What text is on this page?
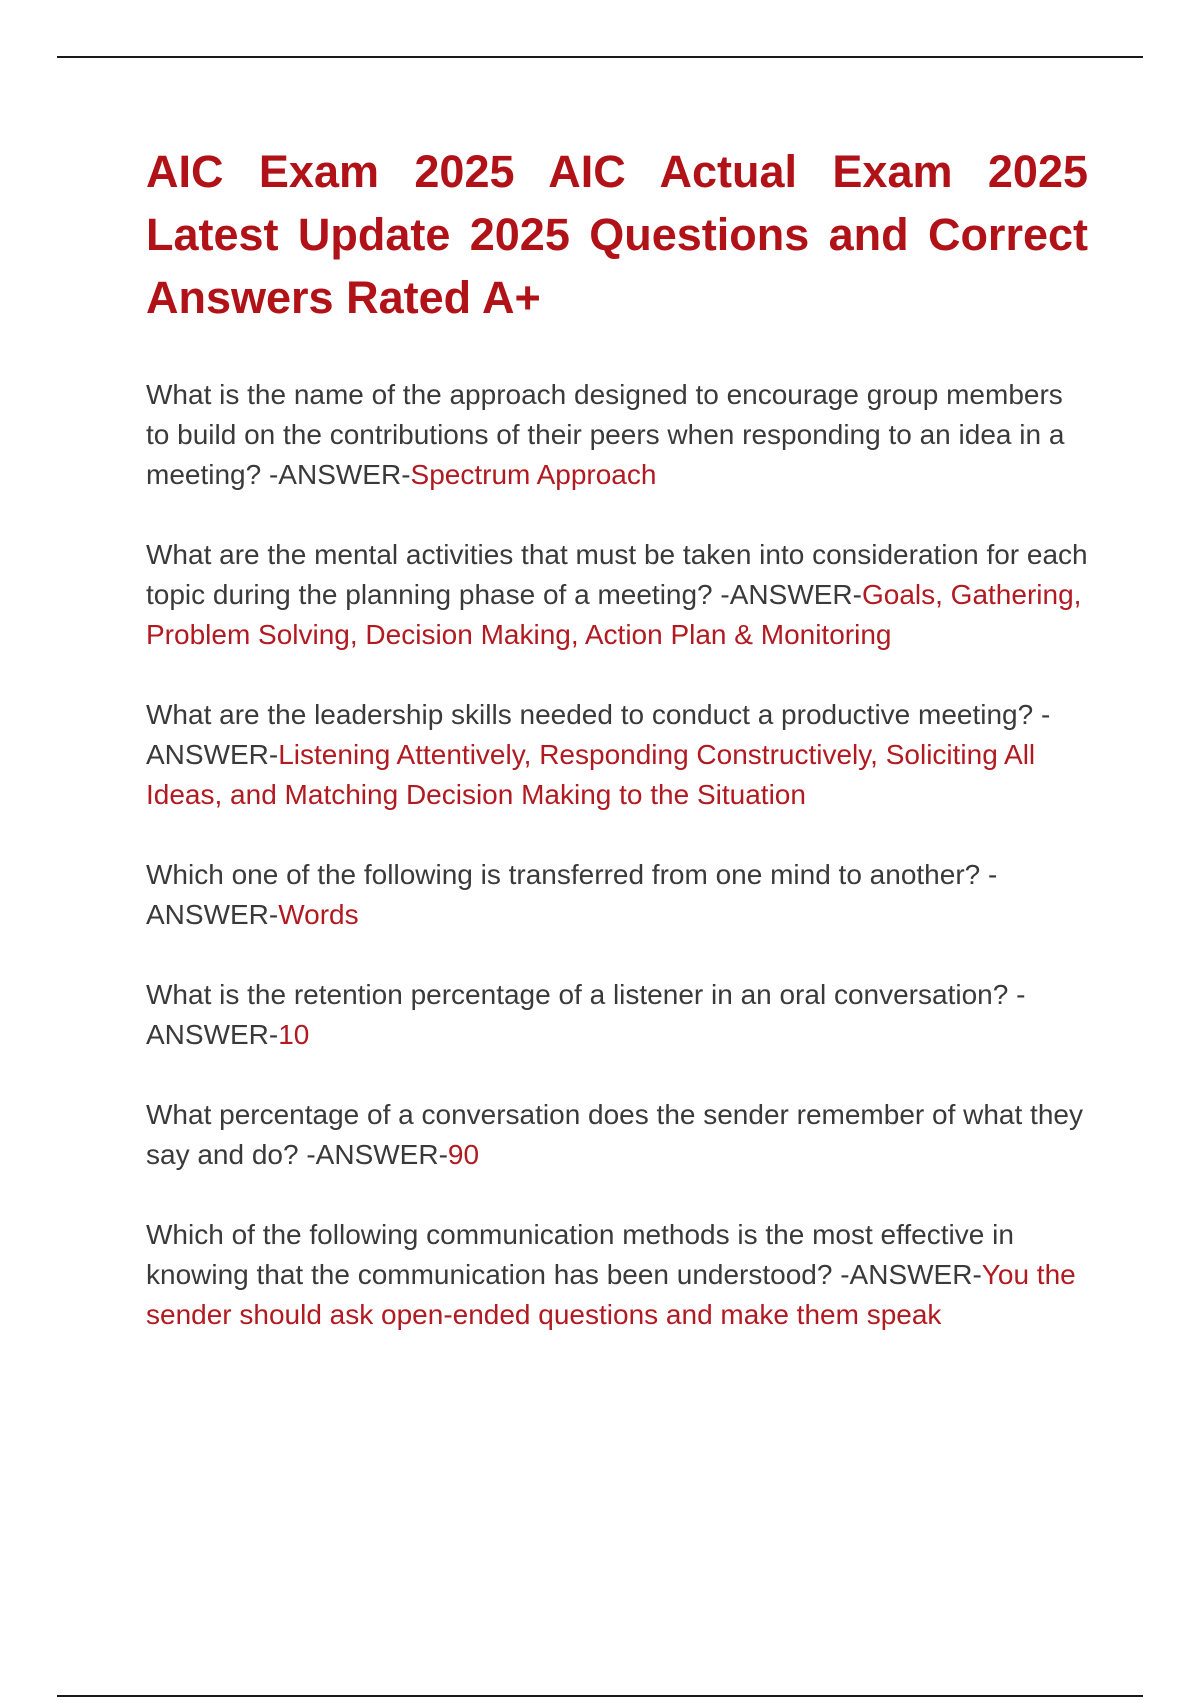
AIC Exam 2025 AIC Actual Exam 2025 Latest Update 2025 Questions and Correct Answers Rated A+

What is the name of the approach designed to encourage group members to build on the contributions of their peers when responding to an idea in a meeting? -ANSWER-Spectrum Approach

What are the mental activities that must be taken into consideration for each topic during the planning phase of a meeting? -ANSWER-Goals, Gathering, Problem Solving, Decision Making, Action Plan & Monitoring

What are the leadership skills needed to conduct a productive meeting? -ANSWER-Listening Attentively, Responding Constructively, Soliciting All Ideas, and Matching Decision Making to the Situation

Which one of the following is transferred from one mind to another? -ANSWER-Words

What is the retention percentage of a listener in an oral conversation? -ANSWER-10

What percentage of a conversation does the sender remember of what they say and do? -ANSWER-90

Which of the following communication methods is the most effective in knowing that the communication has been understood? -ANSWER-You the sender should ask open-ended questions and make them speak
